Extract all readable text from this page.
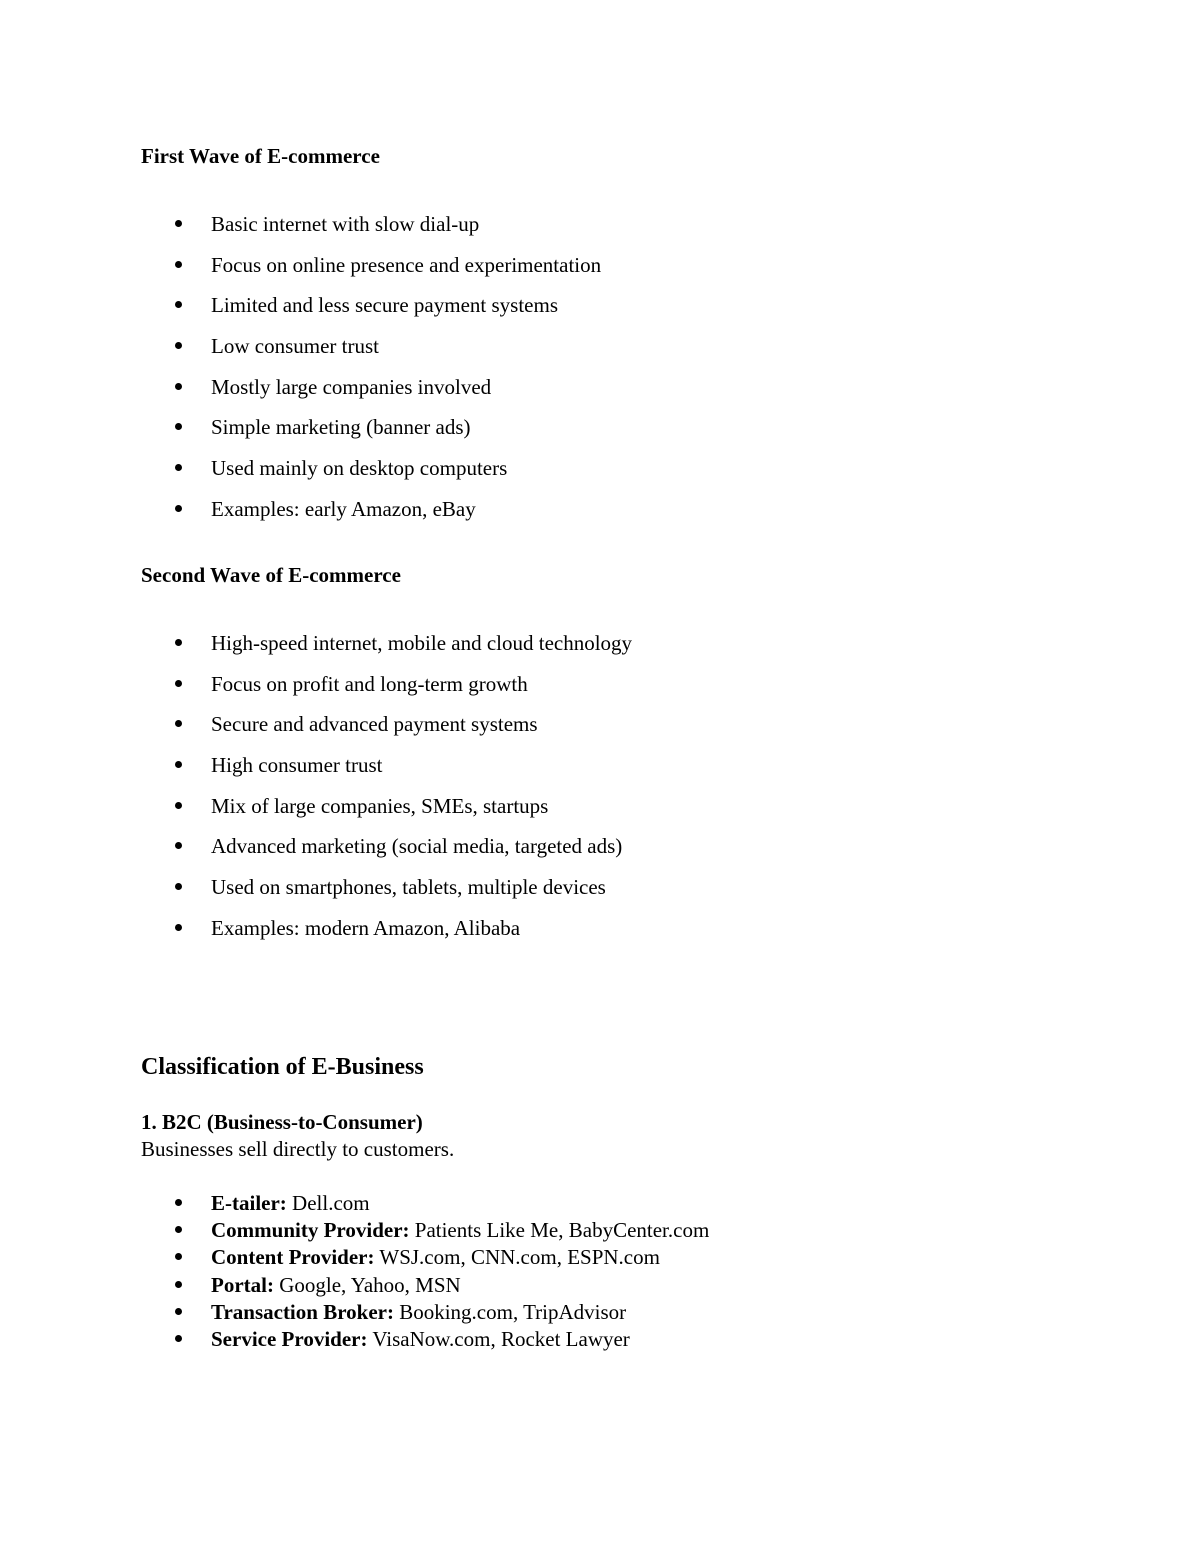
First Wave of E-commerce
Basic internet with slow dial-up
Focus on online presence and experimentation
Limited and less secure payment systems
Low consumer trust
Mostly large companies involved
Simple marketing (banner ads)
Used mainly on desktop computers
Examples: early Amazon, eBay
Second Wave of E-commerce
High-speed internet, mobile and cloud technology
Focus on profit and long-term growth
Secure and advanced payment systems
High consumer trust
Mix of large companies, SMEs, startups
Advanced marketing (social media, targeted ads)
Used on smartphones, tablets, multiple devices
Examples: modern Amazon, Alibaba
Classification of E-Business
1. B2C (Business-to-Consumer)
Businesses sell directly to customers.
E-tailer: Dell.com
Community Provider: Patients Like Me, BabyCenter.com
Content Provider: WSJ.com, CNN.com, ESPN.com
Portal: Google, Yahoo, MSN
Transaction Broker: Booking.com, TripAdvisor
Service Provider: VisaNow.com, Rocket Lawyer
